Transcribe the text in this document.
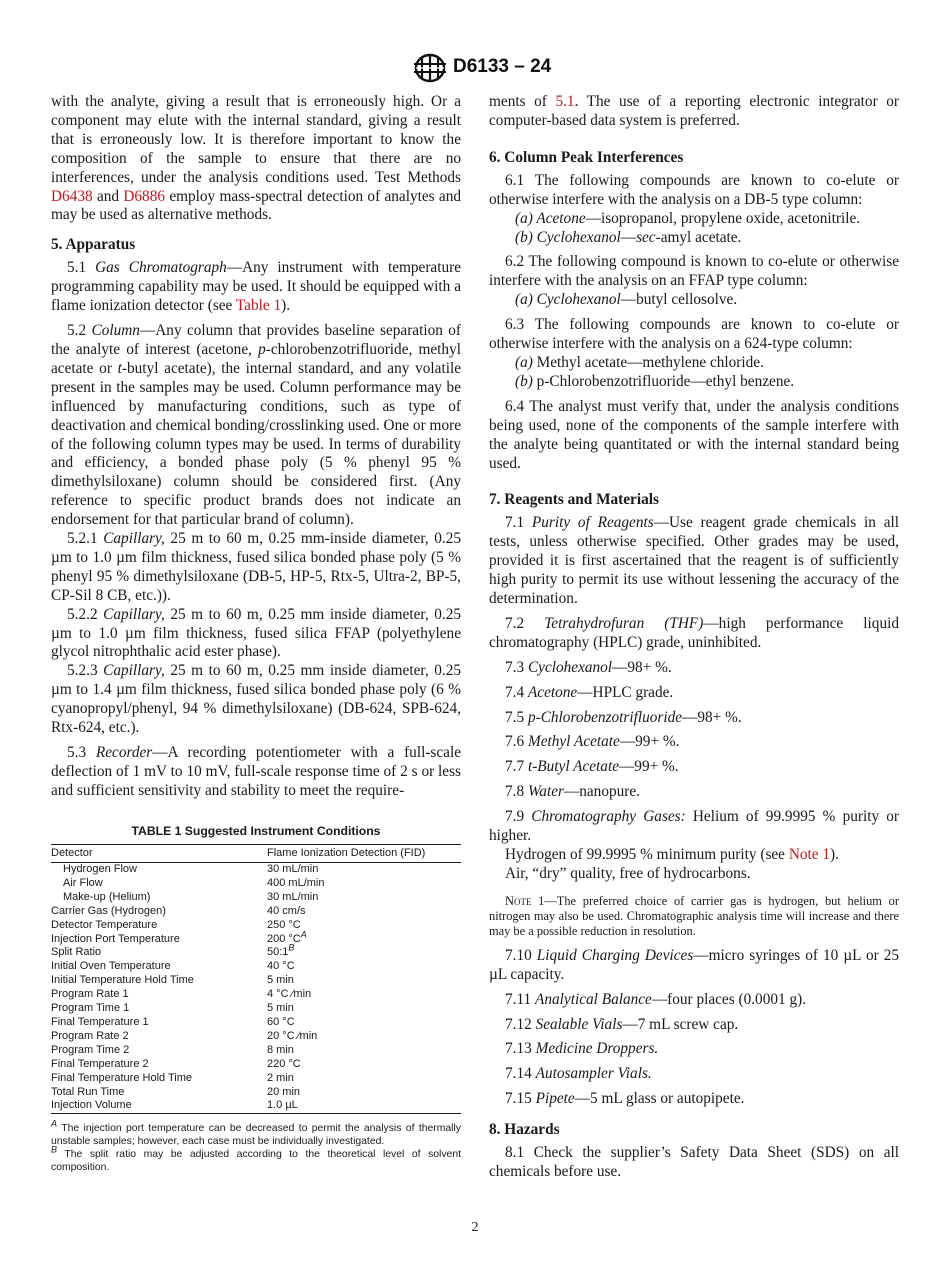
D6133 – 24

with the analyte, giving a result that is erroneously high. Or a component may elute with the internal standard, giving a result that is erroneously low. It is therefore important to know the composition of the sample to ensure that there are no interferences, under the analysis conditions used. Test Methods D6438 and D6886 employ mass-spectral detection of analytes and may be used as alternative methods.

5. Apparatus

5.1 Gas Chromatograph—Any instrument with temperature programming capability may be used. It should be equipped with a flame ionization detector (see Table 1).

5.2 Column—Any column that provides baseline separation of the analyte of interest (acetone, p-chlorobenzotrifluoride, methyl acetate or t-butyl acetate), the internal standard, and any volatile present in the samples may be used. Column performance may be influenced by manufacturing conditions, such as type of deactivation and chemical bonding/crosslinking used. One or more of the following column types may be used. In terms of durability and efficiency, a bonded phase poly (5 % phenyl 95 % dimethylsiloxane) column should be considered first. (Any reference to specific product brands does not indicate an endorsement for that particular brand of column).

5.2.1 Capillary, 25 m to 60 m, 0.25 mm-inside diameter, 0.25 µm to 1.0 µm film thickness, fused silica bonded phase poly (5 % phenyl 95 % dimethylsiloxane (DB-5, HP-5, Rtx-5, Ultra-2, BP-5, CP-Sil 8 CB, etc.)).

5.2.2 Capillary, 25 m to 60 m, 0.25 mm inside diameter, 0.25 µm to 1.0 µm film thickness, fused silica FFAP (polyethylene glycol nitrophthalic acid ester phase).

5.2.3 Capillary, 25 m to 60 m, 0.25 mm inside diameter, 0.25 µm to 1.4 µm film thickness, fused silica bonded phase poly (6 % cyanopropyl/phenyl, 94 % dimethylsiloxane) (DB-624, SPB-624, Rtx-624, etc.).

5.3 Recorder—A recording potentiometer with a full-scale deflection of 1 mV to 10 mV, full-scale response time of 2 s or less and sufficient sensitivity and stability to meet the require-

TABLE 1 Suggested Instrument Conditions
Detector	Flame Ionization Detection (FID)
Hydrogen Flow	30 mL/min
Air Flow	400 mL/min
Make-up (Helium)	30 mL/min
Carrier Gas (Hydrogen)	40 cm/s
Detector Temperature	250 °C
Injection Port Temperature	200 $^\circ C^A$
Split Ratio	$50:1^B$
Initial Oven Temperature	40 °C
Initial Temperature Hold Time	5 min
Program Rate 1	4 °C ⁄min
Program Time 1	5 min
Final Temperature 1	60 °C
Program Rate 2	20 °C ⁄min
Program Time 2	8 min
Final Temperature 2	220 °C
Final Temperature Hold Time	2 min
Total Run Time	20 min
Injection Volume	1.0 µL

$^A$ The injection port temperature can be decreased to permit the analysis of thermally unstable samples; however, each case must be individually investigated.

$^B$ The split ratio may be adjusted according to the theoretical level of solvent composition.

ments of 5.1. The use of a reporting electronic integrator or computer-based data system is preferred.

6. Column Peak Interferences

6.1 The following compounds are known to co-elute or otherwise interfere with the analysis on a DB-5 type column:

(a) Acetone—isopropanol, propylene oxide, acetonitrile.

(b) Cyclohexanol—sec-amyl acetate.

6.2 The following compound is known to co-elute or otherwise interfere with the analysis on an FFAP type column:

(a) Cyclohexanol—butyl cellosolve.

6.3 The following compounds are known to co-elute or otherwise interfere with the analysis on a 624-type column:

(a) Methyl acetate—methylene chloride.

(b) p-Chlorobenzotrifluoride—ethyl benzene.

6.4 The analyst must verify that, under the analysis conditions being used, none of the components of the sample interfere with the analyte being quantitated or with the internal standard being used.

7. Reagents and Materials

7.1 Purity of Reagents—Use reagent grade chemicals in all tests, unless otherwise specified. Other grades may be used, provided it is first ascertained that the reagent is of sufficiently high purity to permit its use without lessening the accuracy of the determination.

7.2 Tetrahydrofuran (THF)—high performance liquid chromatography (HPLC) grade, uninhibited.

7.3 Cyclohexanol—98+ %.

7.4 Acetone—HPLC grade.

7.5 p-Chlorobenzotrifluoride—98+ %.

7.6 Methyl Acetate—99+ %.

7.7 t-Butyl Acetate—99+ %.

7.8 Water—nanopure.

7.9 Chromatography Gases: Helium of 99.9995 % purity or higher.

Hydrogen of 99.9995 % minimum purity (see Note 1).

Air, “dry” quality, free of hydrocarbons.

Note 1—The preferred choice of carrier gas is hydrogen, but helium or nitrogen may also be used. Chromatographic analysis time will increase and there may be a possible reduction in resolution.

7.10 Liquid Charging Devices—micro syringes of 10 µL or 25 µL capacity.

7.11 Analytical Balance—four places (0.0001 g).

7.12 Sealable Vials—7 mL screw cap.

7.13 Medicine Droppers.

7.14 Autosampler Vials.

7.15 Pipete—5 mL glass or autopipete.

8. Hazards

8.1 Check the supplier’s Safety Data Sheet (SDS) on all chemicals before use.

2
